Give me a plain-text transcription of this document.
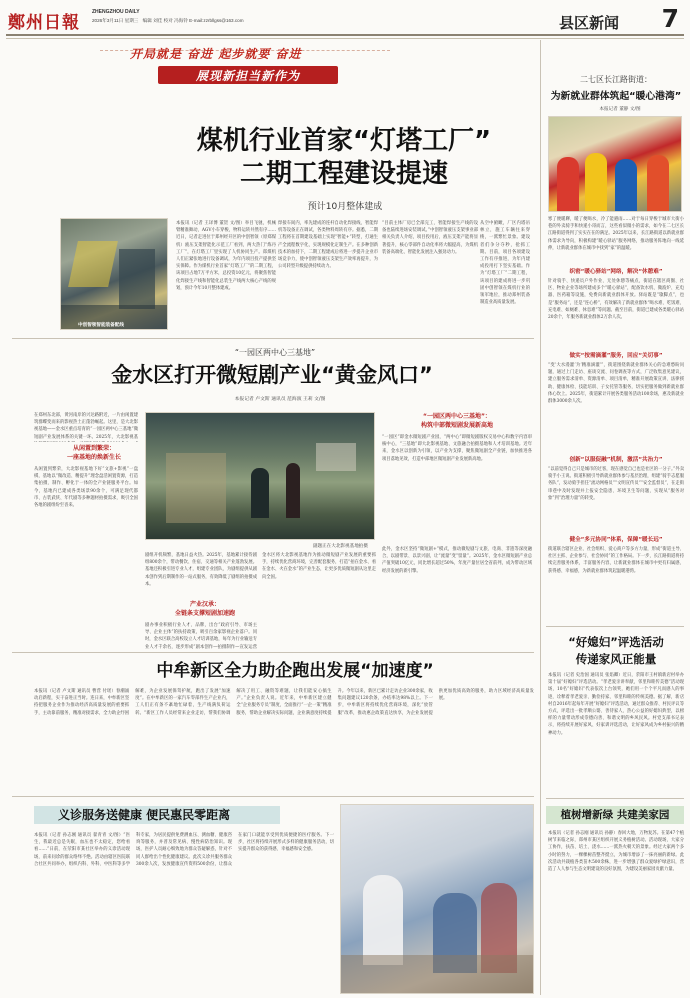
鄭州日報
ZHENGZHOU DAILY
2026年3月11日 星期三 编辑 刘佳 校对 冯海铃 E-mail:zzrbllgss@163.com	县区新闻 7
开局就是 奋进 起步就要 奋进
展现新担当新作为
煤机行业首家“灯塔工厂”
二期工程建设提速
预计10月整体建成
中创智领智能装备配线
本报讯（记者 王译博 董贺 文/图）举目飞驰，机械臂精准舞动，AGV小车穿梭，物料运转井然有序……近日，记者走进位于郑州经开区的中创智领（原郑煤机）液压支架智能化示范工厂看到，两大热门“炼丹工厂”，在灯塔工厂里实现了人机协同生产。郑煤机人们正紧张地进行设备调试，为年内项目投产提供坚实保障。作为煤机行业首家“灯塔工厂”的二期工程，该项目占地7万平方米，总投资10亿元，将聚焦智能化焊接生产线和智能化总装生产线两大核心产线的规划，预计今年10月整体建成。
焊接车间内，率先建成的连杆自动化焊接线、智能焊机等设备正在调试，各类物料周转有序。据悉，二期工程将在首期建设基础上实现“智能+”转型，打通生产全流程数字化，实现规模化定制生产。在多种创新技术的加持下，二期工程建成后将进一步提升企业市场竞争力，使中创智领液压支架生产效率再提升，为公司转型升级提供持续动力。
“目前主体厂房已全部完工，智能焊接生产线的设备也陆续进场安装调试。”中创智领液压支架事业部相关负责人介绍，项目投用后，液压支架产能将显著提升，核心零部件自动化率将大幅提高，为煤机装备高端化、智能化发展注入强劲动力。
从空中俯瞰，厂区内塔吊林立，施工车辆往来穿梭，一派繁忙景象。建设者们争分夺秒，抢抓工期。目前，项目各项建设工作有序推进，为年内建成投用打下坚实基础。作为“灯塔工厂”二期工程，该项目的建成将进一步巩固中创智领在煤机行业的领军地位，推动郑州装备制造业高质量发展。
“一园区两中心三基地”
金水区打开微短剧产业“黄金风口”
本报记者 卢文斯 通讯员 范海演 王莉 文/图
在郑州东北部，黄河南岸的兴达路附近，一片由闲置建筑群蝶变而来的影视热土正蓬勃崛起。这里，是大北影视基地——金水区重点培育的“一园区两中心三基地”微短剧产业发展体系的关键一环。2025年，大北影视基
从闲置到繁荣：
一座基地的焕新生长
从闲置到繁荣，大北影视基地下好“文旅+影视”一盘棋，基地以“微改造、精提升”理念盘活闲置资源，打造集拍摄、制作、孵化于一体的全产业链服务平台。如今，基地内已建成各类场景90余个，可满足现代都市、古装武侠、年代剧等多种题材拍摄需求，吸引全国各地的剧组纷至沓来。
副题正在大北影视基地拍摄
剧组开机频繁，基地日益火热。2025年，基地累计接待剧组800余个，带动餐饮、住宿、交通等相关产业蓬勃发展。基地还积极引进专业人才，组建专业团队，为剧组提供从剧本创作到后期制作的一站式服务，有效降低了剧组的拍摄成本。
产业汉承：
全链条支撑短剧加速跑
金水区将大北影视基地作为推动微短剧产业发展的重要抓手，持续优化营商环境，完善配套服务，打造“拍在金水、看在金水、火在金水”的产业生态，让更多优质微短剧从这里走向全国。
剧办事业积极行业人才、品牌，出台“政府引导、市场主导、企业主体”的扶持政策，吸引百余家影视企业落户。同时，金水区联合高校设立人才培训基地，每年为行业输送专业人才千余名，逐步形成“剧本创作—拍摄制作—宣发运营
“一园区两中心三基地”：
构筑中部微短剧发展新高地
“一园区”即金水微短剧产业园，“两中心”即微短剧版权交易中心和数字内容审核中心，“三基地”即大北影视基地、文旅融合拍摄基地和人才培训基地。近年来，金水区以创新为引领，以产业为支撑，聚焦微短剧全产业链，加快推进各项目落地见效，打造中部地区微短剧产业发展新高地。
此外，金水区坚持“微短剧+”模式，推动微短剧与文旅、电商、非遗等深度融合，以剧带景、以景兴剧，让“流量”变“留量”。2025年，金水区微短剧产业总产值突破10亿元，同比增长超过50%，年度产量位居全省前列，成为带动区域经济发展的新引擎。
中牟新区全力助企跑出发展“加速度”
本报讯（记者 卢文斯 通讯员 曹营 付瑶）春潮涌动启新程，实干奋进正当时。连日来，中牟新区坚持把服务企业作为推动经济高质量发展的重要抓手，主动靠前服务，精准对接需求，全力助企纾困解难，为企业发展保驾护航，跑出了发展“加速度”。在中牟新区的一家汽车零部件生产企业内，工人们正有条不紊地忙碌着，生产线满负荷运转。“新区工作人员经常来企业走访，帮我们协调解决了用工、融资等难题，让我们能安心搞生产。”企业负责人说。近年来，中牟新区建立健全“企业服务专员”制度，全面推行“一企一策”精准服务，帮助企业解决实际问题，企业满意度持续提升。今年以来，新区已累计走访企业300余家，收集问题建议120余条，办结率达98%以上。下一步，中牟新区将持续优化营商环境，深化“放管服”改革，推动惠企政策直达快享，为企业发展提供更加优质高效的服务，助力区域经济高质量发展。
义诊服务送健康 便民惠民零距离
本报讯（记者 孙志刚 通讯员 翟青青 文/图）“医生，我最近总是失眠，血压也不太稳定，您给看看……”日前，在荥阳市某社区举办的义诊活动现场，前来问诊的群众络绎不绝。活动由辖区医院联合社区共同举办，组织内科、外科、中医科等多学科专家，为居民提供免费测血压、测血糖、健康咨询等服务，并普及常见病、慢性病防治知识。现场，医护人员耐心细致地为群众答疑解惑，针对不同人群给出个性化健康建议。此次义诊共服务群众300余人次，发放健康宣传资料500余份，让群众在家门口就能享受到优质便捷的医疗服务。下一步，社区将持续开展形式多样的健康服务活动，切实提升群众的获得感、幸福感和安全感。
二七区长江路街道：
为新就业群体筑起“暖心港湾”
本报记者 董静 文/图
寒了便暖聊，暖了便喝水，冷了能避雨……对于每日穿梭于城市大街小巷的外卖骑手和快递小哥而言，这些看似微小的需求，如今在二七区长江路街道得到了实实在在的满足。2025年以来，长江路街道以新就业群体需求为导向，积极构建“暖心驿站”服务网络，推动服务阵地向一线延伸，让新就业群体在城市中找到“家”的温暖。
织密“暖心驿站”网络，解决“休憩难”
针对骑手、快递员户外作业、无处休憩等痛点，街道在辖区商圈、社区、物业企业等场所建成多个“暖心驿站”，配备饮水机、微波炉、充电器、医药箱等设施，免费向新就业群体开放。驿站既是“歇脚点”，也是“服务站”，还是“连心桥”，有效解决了新就业群体“喝水难、吃饭难、充电难、如厕难、休息难”等问题。截至目前，街道已建成各类暖心驿站20余个，年服务新就业群体2万余人次。
做实“按需滴灌”服务，回应“关切事”
“变‘大水漫灌’为‘精准滴灌’”，街道围绕新就业群体关心的急难愁盼问题，通过上门走访、座谈交流、问卷调查等方式，广泛收集意见建议，建立服务需求清单、资源清单、项目清单，精准开展政策宣讲、法律援助、健康体检、技能培训、子女托管等服务，切实把服务做到新就业群体心坎上。2025年，街道累计开展各类服务活动100余场，惠及新就业群体3000余人次。
创新“以服促融”机制，激活“共治力”
“以前觉得自己只是城市的过客，现在感觉自己也是社区的一分子。”外卖骑手小王说。街道积极引导新就业群体参与基层治理，组建“骑手志愿服务队”，发动骑手担任“流动网格员”“文明宣传员”“安全监督员”，在走街串巷中及时发现并上报安全隐患、环境卫生等问题，实现从“服务对象”到“治理力量”的转变。
健全“多元协同”体系，保障“暖长远”
街道联合辖区企业、社会组织、爱心商户等多方力量，形成“街道主导、社区主抓、企业参与、社会协同”的工作格局。下一步，长江路街道将持续完善服务体系，丰富服务内容，让新就业群体在城市中更有归属感、获得感、幸福感，为新就业群体筑起温暖港湾。
“好媳妇”评选活动
传递家风正能量
本报讯（记者 史治国 通讯员 张焰卿）近日，荥阳市王村镇新店村举办第十届“好媳妇”评选活动。“孝老爱亲讲奉献，邻里和睦传美德”活动现场，10名“好媳妇”代表依次上台领奖，她们用一个个平凡而感人的事迹，诠释着孝老爱亲、勤俭持家、邻里和睦的传统美德。据了解，新店村自2016年起每年开展“好媳妇”评选活动，通过群众推荐、村民评议等方式，评选出一批孝顺公婆、善待家人、热心公益的好媳妇典型，以榜样的力量带动形成崇德向善、和谐文明的乡风民风。村党支部书记表示，将持续开展好家风、好家训评选活动，让好家风成为乡村振兴的精神动力。
植树增新绿 共建美家园
本报讯（记者 孙志刚 通讯员 孙静）春回大地，万物复苏。在第47个植树节来临之际，郑州市某区组织开展义务植树活动。活动现场，大家分工协作，扶苗、培土、浇水……一派热火朝天的景象。经过大家两个多小时的努力，一棵棵树苗整齐挺立，为城市增添了一抹亮丽的新绿。此次活动共栽植各类苗木500余株，进一步增强了群众爱绿护绿意识，营造了人人参与生态文明建设的良好氛围，为建设美丽家园贡献力量。
